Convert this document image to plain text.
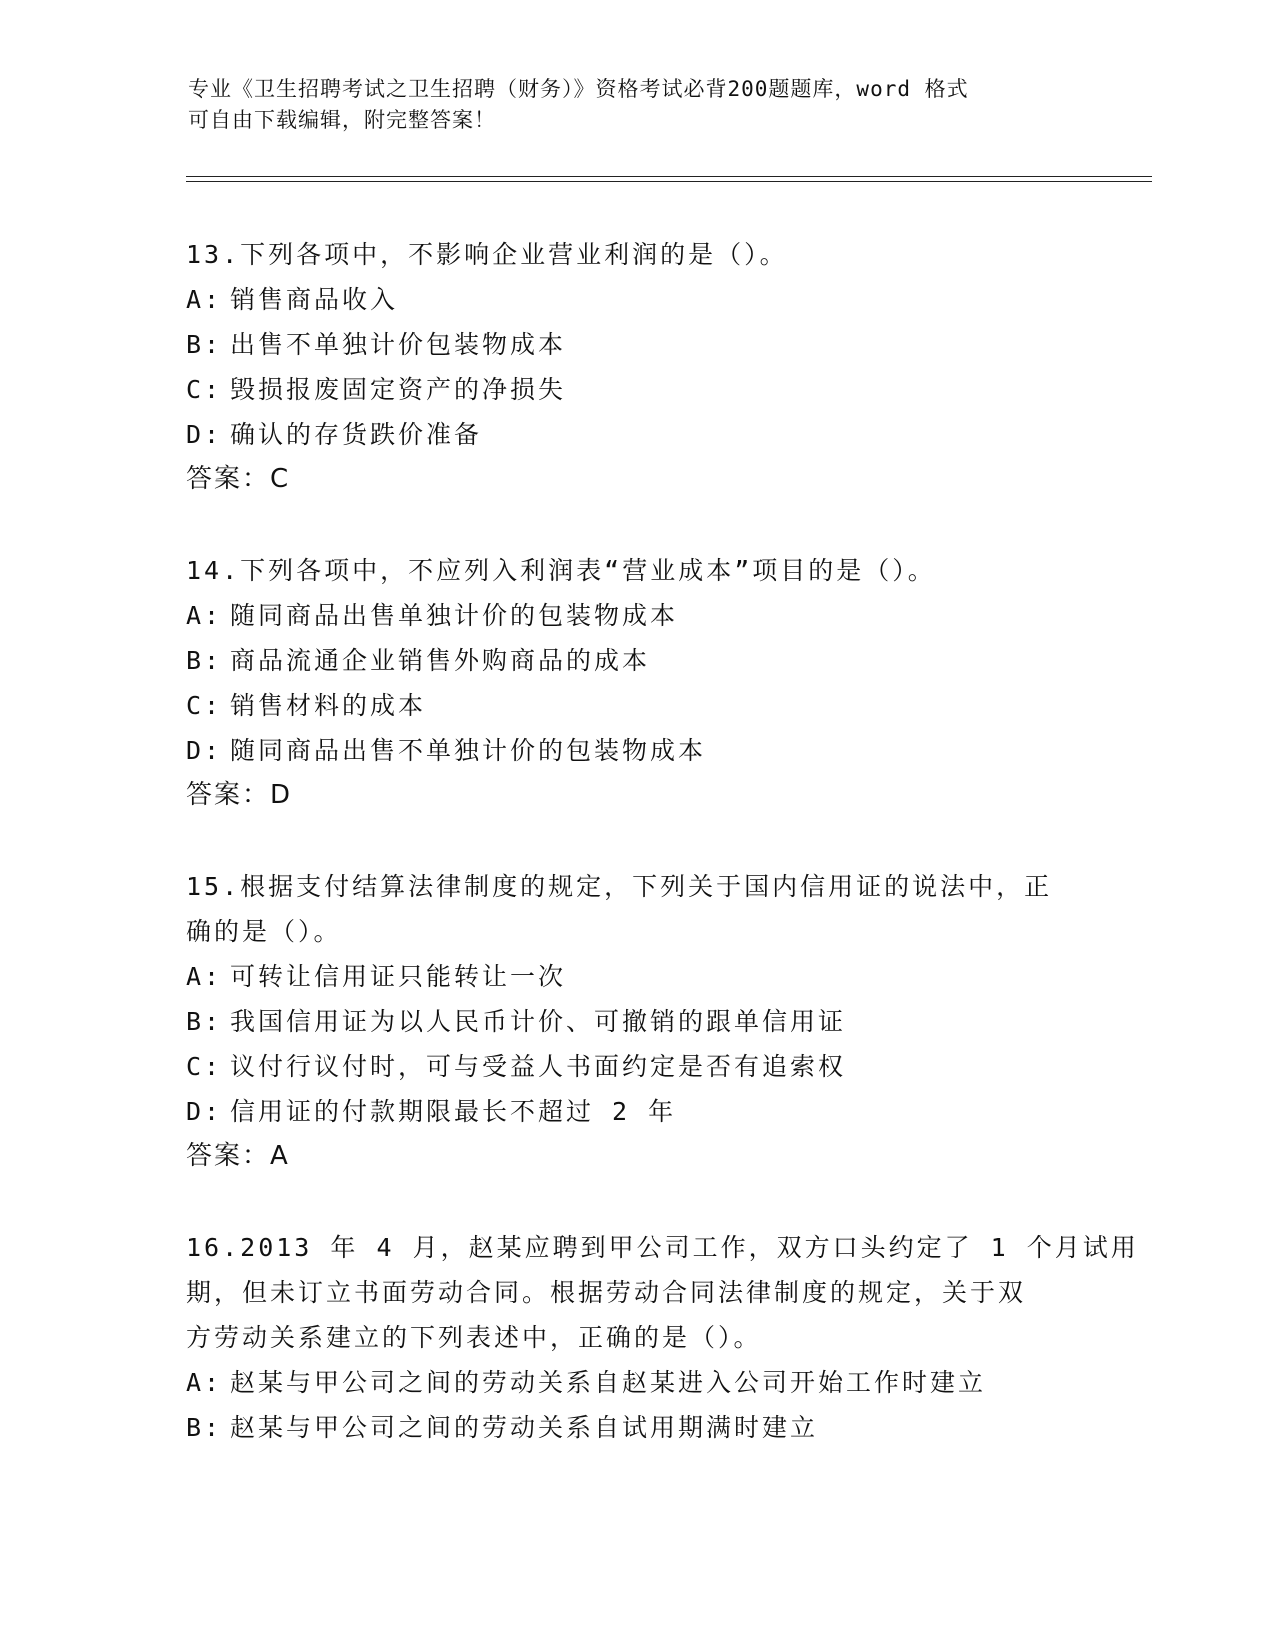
专业《卫生招聘考试之卫生招聘（财务）》资格考试必背200题题库，word 格式
可自由下载编辑，附完整答案！
13.下列各项中，不影响企业营业利润的是（）。
A: 销售商品收入
B: 出售不单独计价包装物成本
C: 毁损报废固定资产的净损失
D: 确认的存货跌价准备
答案：C
14.下列各项中，不应列入利润表“营业成本”项目的是（）。
A: 随同商品出售单独计价的包装物成本
B: 商品流通企业销售外购商品的成本
C: 销售材料的成本
D: 随同商品出售不单独计价的包装物成本
答案：D
15.根据支付结算法律制度的规定，下列关于国内信用证的说法中，正
确的是（）。
A: 可转让信用证只能转让一次
B: 我国信用证为以人民币计价、可撤销的跟单信用证
C: 议付行议付时，可与受益人书面约定是否有追索权
D: 信用证的付款期限最长不超过 2 年
答案：A
16.2013 年 4 月，赵某应聘到甲公司工作，双方口头约定了 1 个月试用
期，但未订立书面劳动合同。根据劳动合同法律制度的规定，关于双
方劳动关系建立的下列表述中，正确的是（）。
A: 赵某与甲公司之间的劳动关系自赵某进入公司开始工作时建立
B: 赵某与甲公司之间的劳动关系自试用期满时建立
